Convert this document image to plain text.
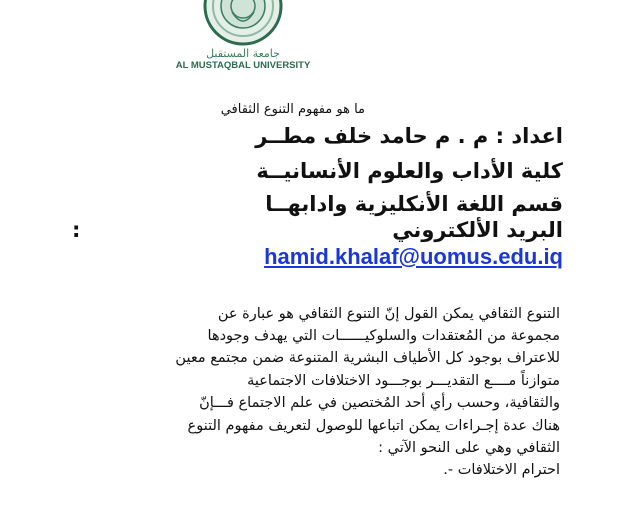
جامعة المستقبل
AL MUSTAQBAL UNIVERSITY
ما هو مفهوم التنوع الثقافي
اعداد : م . م حامد خلف مطــر
كلية الأداب والعلوم الأنسانيــة
قسم اللغة الأنكليزية وادابهــا
البريد الألكتروني
:
hamid.khalaf@uomus.edu.iq
التنوع الثقافي يمكن القول إنّ التنوع الثقافي هو عبارة عن
مجموعة من المُعتقدات والسلوكيــــــات التي يهدف وجودها
للاعتراف بوجود كل الأطياف البشرية المتنوعة ضمن مجتمع معين
متوازناً مــــع التقديـــر بوجـــود الاختلافات الاجتماعية
والثقافية، وحسب رأي أحد المُختصين في علم الاجتماع فـــإنّ
هناك عدة إجـراءات يمكن اتباعها للوصول لتعريف مفهوم التنوع
الثقافي وهي على النحو الآتي :
احترام الاختلافات -.
